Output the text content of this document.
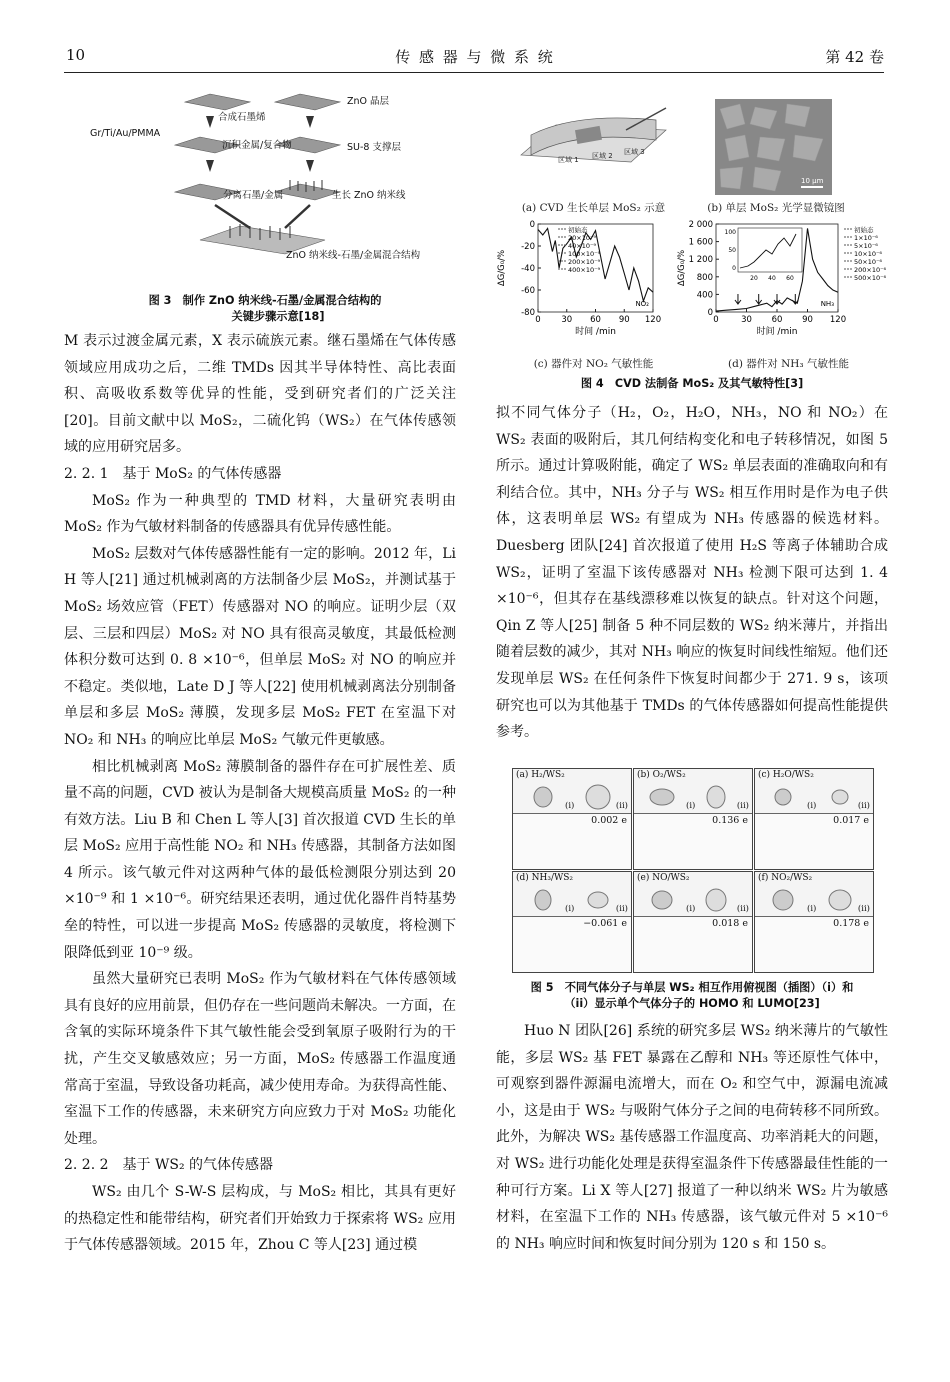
10	传 感 器 与 微 系 统	第 42 卷
合成石墨烯
Gr/Ti/Au/PMMA
沉积金属/复合物
分离石墨/金属
ZnO 晶层
SU-8 支撑层
生长 ZnO 纳米线
ZnO 纳米线-石墨/金属混合结构
图 3　制作 ZnO 纳米线-石墨/金属混合结构的
关键步骤示意[18]

M 表示过渡金属元素，X 表示硫族元素。继石墨烯在气体传感领域应用成功之后，二维 TMDs 因其半导体特性、高比表面积、高吸收系数等优异的性能，受到研究者们的广泛关注[20]。目前文献中以 MoS₂，二硫化钨（WS₂）在气体传感领域的应用研究居多。

2. 2. 1　基于 MoS₂ 的气体传感器

MoS₂ 作为一种典型的 TMD 材料，大量研究表明由 MoS₂ 作为气敏材料制备的传感器具有优异传感性能。

MoS₂ 层数对气体传感器性能有一定的影响。2012 年，Li H 等人[21] 通过机械剥离的方法制备少层 MoS₂，并测试基于 MoS₂ 场效应管（FET）传感器对 NO 的响应。证明少层（双层、三层和四层）MoS₂ 对 NO 具有很高灵敏度，其最低检测体积分数可达到 0. 8 ×10⁻⁶，但单层 MoS₂ 对 NO 的响应并不稳定。类似地，Late D J 等人[22] 使用机械剥离法分别制备单层和多层 MoS₂ 薄膜，发现多层 MoS₂ FET 在室温下对 NO₂ 和 NH₃ 的响应比单层 MoS₂ 气敏元件更敏感。

相比机械剥离 MoS₂ 薄膜制备的器件存在可扩展性差、质量不高的问题，CVD 被认为是制备大规模高质量 MoS₂ 的一种有效方法。Liu B 和 Chen L 等人[3] 首次报道 CVD 生长的单层 MoS₂ 应用于高性能 NO₂ 和 NH₃ 传感器，其制备方法如图 4 所示。该气敏元件对这两种气体的最低检测限分别达到 20 ×10⁻⁹ 和 1 ×10⁻⁶。研究结果还表明，通过优化器件肖特基势垒的特性，可以进一步提高 MoS₂ 传感器的灵敏度，将检测下限降低到亚 10⁻⁹ 级。

虽然大量研究已表明 MoS₂ 作为气敏材料在气体传感领域具有良好的应用前景，但仍存在一些问题尚未解决。一方面，在含氧的实际环境条件下其气敏性能会受到氧原子吸附行为的干扰，产生交叉敏感效应；另一方面，MoS₂ 传感器工作温度通常高于室温，导致设备功耗高，减少使用寿命。为获得高性能、室温下工作的传感器，未来研究方向应致力于对 MoS₂ 功能化处理。

2. 2. 2　基于 WS₂ 的气体传感器

WS₂ 由几个 S-W-S 层构成，与 MoS₂ 相比，其具有更好的热稳定性和能带结构，研究者们开始致力于探索将 WS₂ 应用于气体传感器领域。2015 年，Zhou C 等人[23] 通过模

区域 1 区域 2 区域 3
(a) CVD 生长单层 MoS₂ 示意
10 μm
(b) 单层 MoS₂ 光学显微镜图
0 30 60 90 120
0
-20
-40
-60
-80
ΔG/G₀/%
时间 /min
初始态
20×10⁻⁹
40×10⁻⁹
100×10⁻⁹
200×10⁻⁹
400×10⁻⁹
NO₂
0	30 60 90 120
0
400
800
1 200
1 600
2 000
ΔG/G₀/%
时间 /min
初始态
1×10⁻⁶
5×10⁻⁶
10×10⁻⁶
50×10⁻⁶
200×10⁻⁶
500×10⁻⁶
NH₃
0
50
100
20 40 60
(c) 器件对 NO₂ 气敏性能	(d) 器件对 NH₃ 气敏性能
图 4　CVD 法制备 MoS₂ 及其气敏特性[3]

拟不同气体分子（H₂，O₂，H₂O，NH₃，NO 和 NO₂）在 WS₂ 表面的吸附后，其几何结构变化和电子转移情况，如图 5 所示。通过计算吸附能，确定了 WS₂ 单层表面的准确取向和有利结合位。其中，NH₃ 分子与 WS₂ 相互作用时是作为电子供体，这表明单层 WS₂ 有望成为 NH₃ 传感器的候选材料。Duesberg 团队[24] 首次报道了使用 H₂S 等离子体辅助合成 WS₂，证明了室温下该传感器对 NH₃ 检测下限可达到 1. 4 ×10⁻⁶，但其存在基线漂移难以恢复的缺点。针对这个问题，Qin Z 等人[25] 制备 5 种不同层数的 WS₂ 纳米薄片，并指出随着层数的减少，其对 NH₃ 响应的恢复时间线性缩短。他们还发现单层 WS₂ 在任何条件下恢复时间都少于 271. 9 s，该项研究也可以为其他基于 TMDs 的气体传感器如何提高性能提供参考。

(a) H₂/WS₂
(i)	(ii)
0.002 e
(b) O₂/WS₂
(i)	(ii)
0.136 e
(c) H₂O/WS₂
(i)	(ii)
0.017 e
(d) NH₃/WS₂
(i)	(ii)
−0.061 e
(e) NO/WS₂
(i)	(ii)
0.018 e
(f) NO₂/WS₂
(i)	(ii)
0.178 e
图 5　不同气体分子与单层 WS₂ 相互作用俯视图（插图）（i）和
（ii）显示单个气体分子的 HOMO 和 LUMO[23]

Huo N 团队[26] 系统的研究多层 WS₂ 纳米薄片的气敏性能，多层 WS₂ 基 FET 暴露在乙醇和 NH₃ 等还原性气体中，可观察到器件源漏电流增大，而在 O₂ 和空气中，源漏电流减小，这是由于 WS₂ 与吸附气体分子之间的电荷转移不同所致。此外，为解决 WS₂ 基传感器工作温度高、功率消耗大的问题，对 WS₂ 进行功能化处理是获得室温条件下传感器最佳性能的一种可行方案。Li X 等人[27] 报道了一种以纳米 WS₂ 片为敏感材料，在室温下工作的 NH₃ 传感器，该气敏元件对 5 ×10⁻⁶ 的 NH₃ 响应时间和恢复时间分别为 120 s 和 150 s。
